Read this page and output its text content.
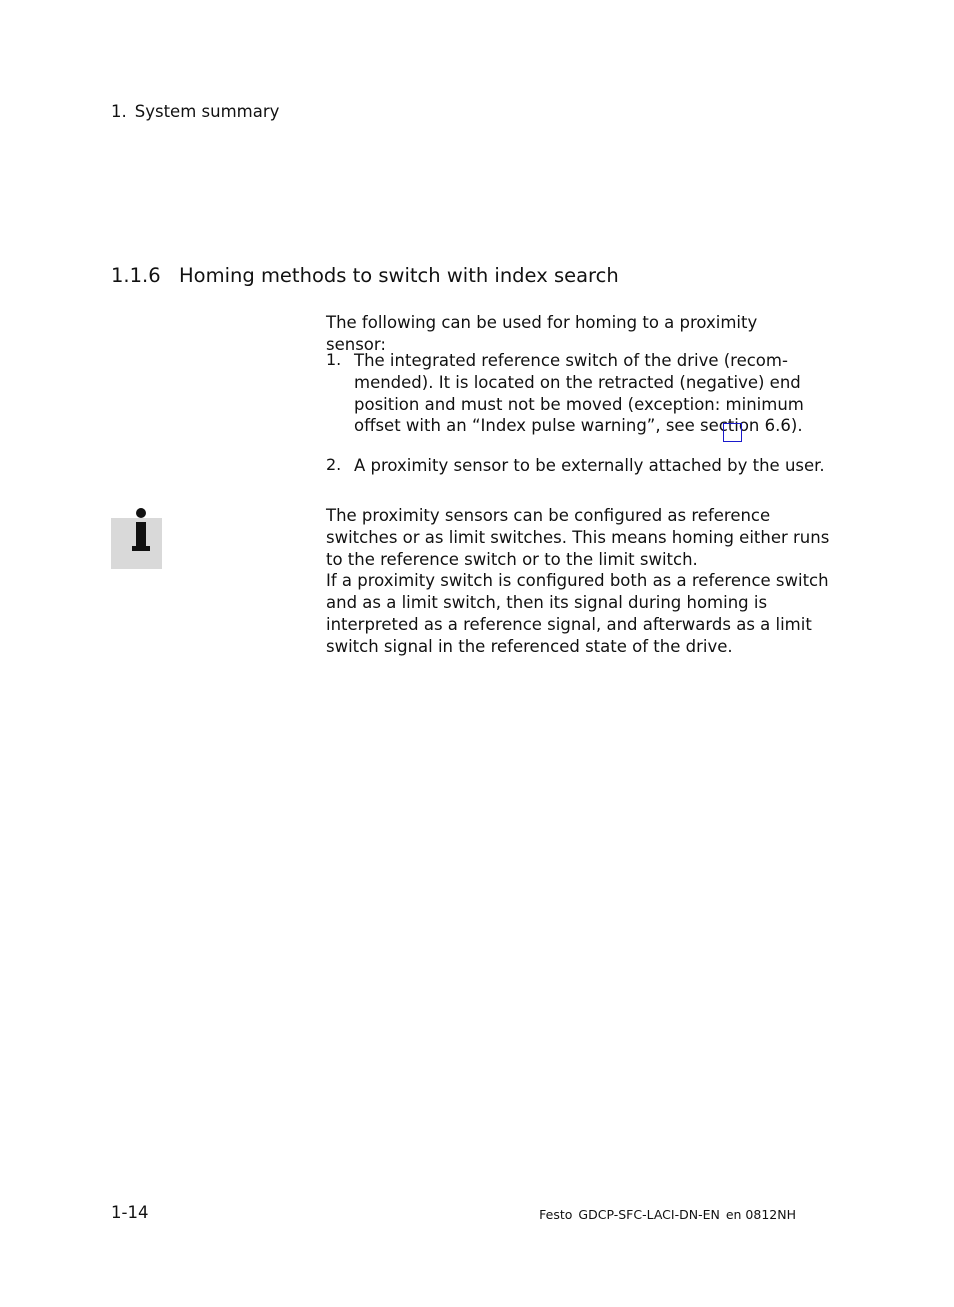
1. System summary
1.1.6 Homing methods to switch with index search

The following can be used for homing to a proximity sensor:

1. The integrated reference switch of the drive (recom-
mended). It is located on the retracted (negative) end
position and must not be moved (exception: minimum
offset with an “Index pulse warning”, see section 6.6).
2. A proximity sensor to be externally attached by the user.
The proximity sensors can be configured as reference
switches or as limit switches. This means homing either runs
to the reference switch or to the limit switch.
If a proximity switch is configured both as a reference switch
and as a limit switch, then its signal during homing is
interpreted as a reference signal, and afterwards as a limit
switch signal in the referenced state of the drive.
1-14	Festo GDCP-SFC-LACI-DN-EN en 0812NH
